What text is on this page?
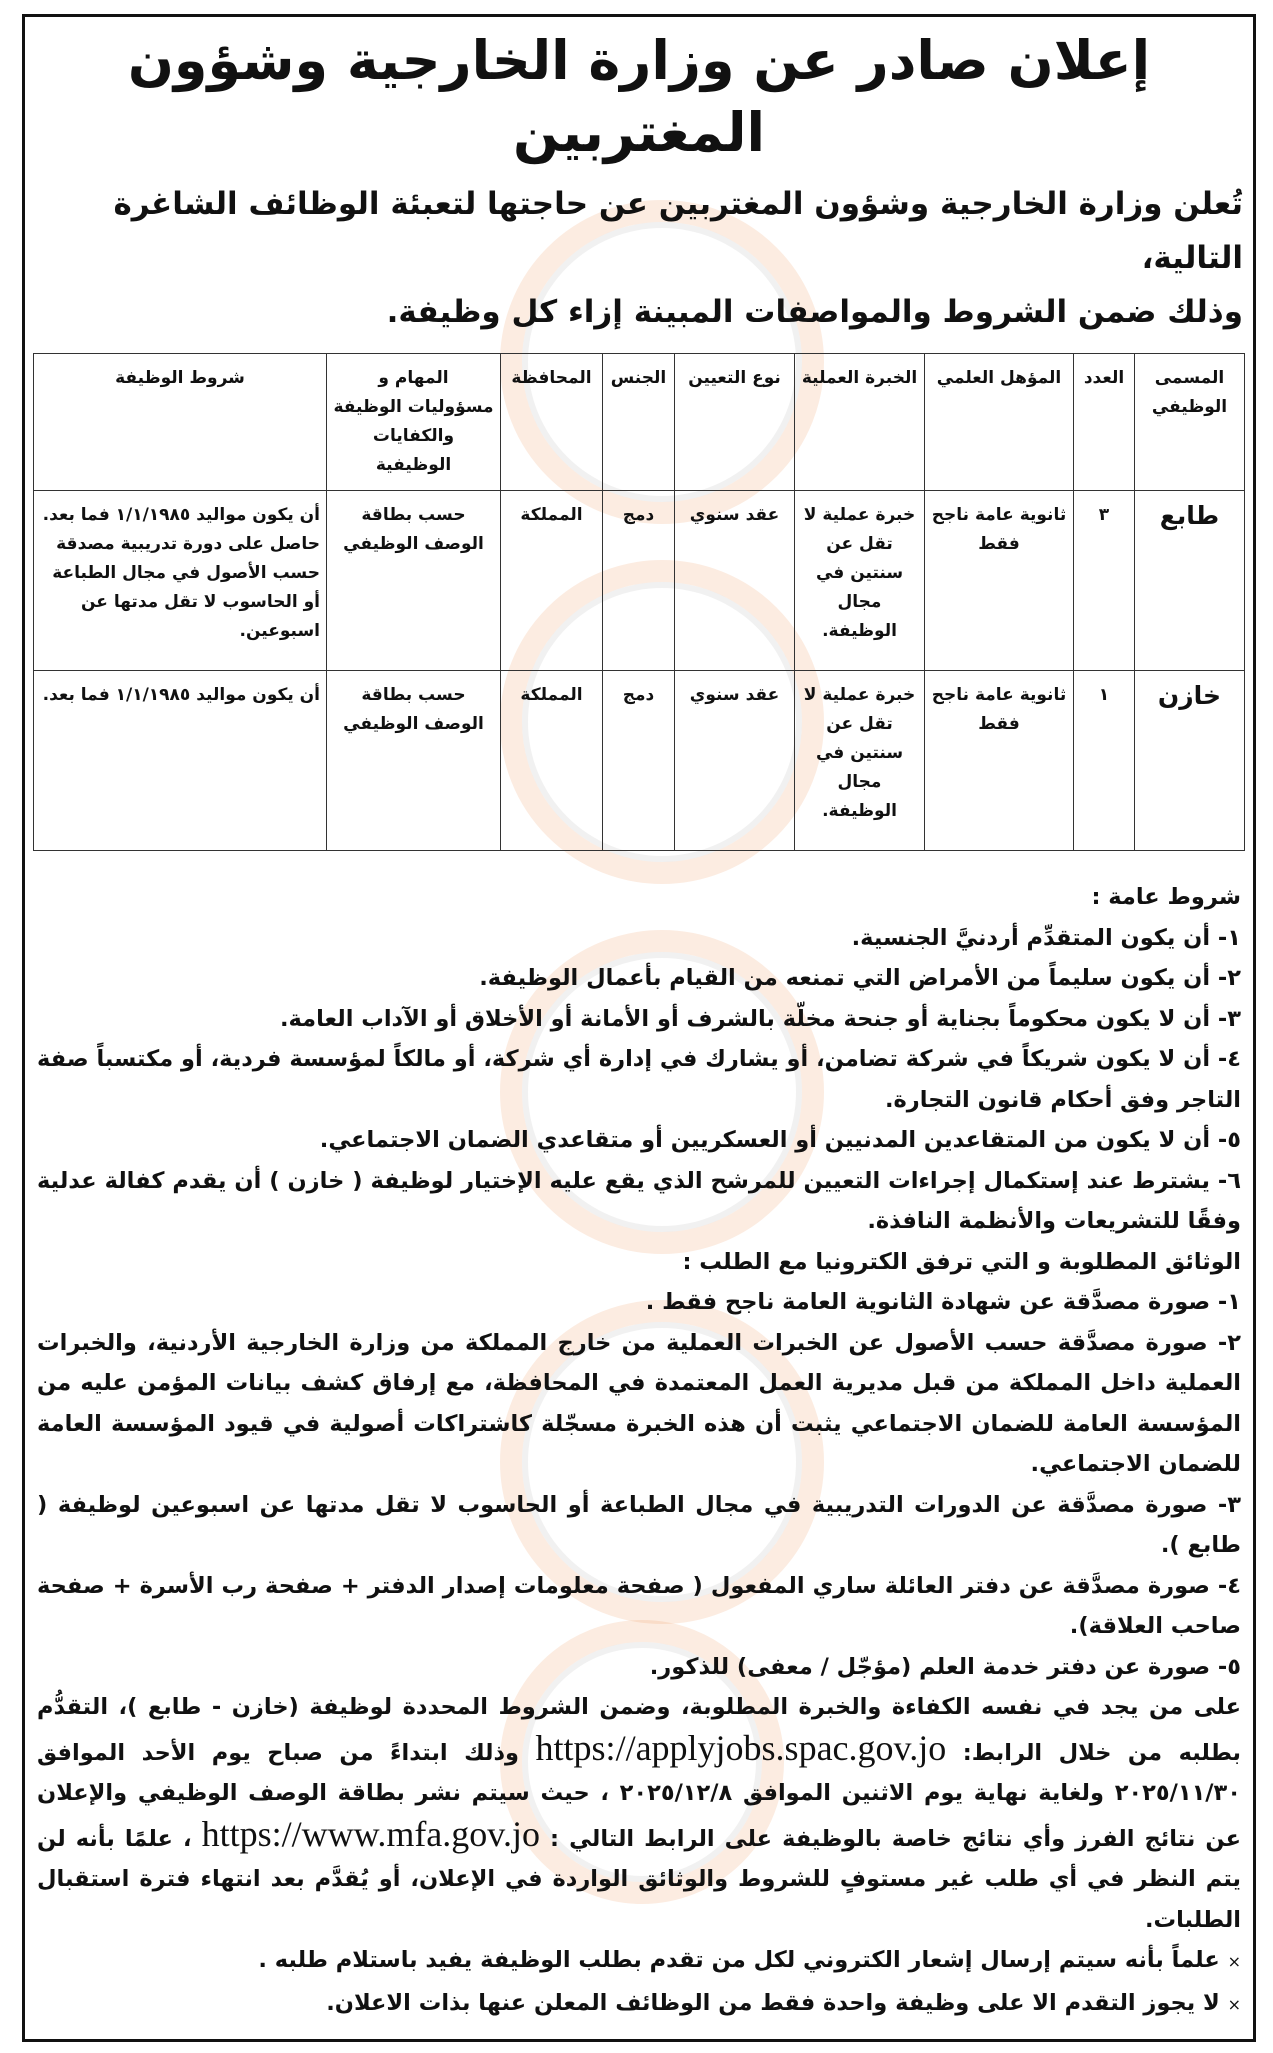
إعلان صادر عن وزارة الخارجية وشؤون المغتربين
تُعلن وزارة الخارجية وشؤون المغتربين عن حاجتها لتعبئة الوظائف الشاغرة التالية،
وذلك ضمن الشروط والمواصفات المبينة إزاء كل وظيفة.
المسمى الوظيفي	العدد	المؤهل العلمي	الخبرة العملية	نوع التعيين	الجنس	المحافظة	المهام و مسؤوليات الوظيفة والكفايات الوظيفية	شروط الوظيفة
طابع	٣	ثانوية عامة ناجح فقط	خبرة عملية لا تقل عن سنتين في مجال الوظيفة.	عقد سنوي	دمج	المملكة	حسب بطاقة الوصف الوظيفي	أن يكون مواليد ١/١/١٩٨٥ فما بعد. حاصل على دورة تدريبية مصدقة حسب الأصول في مجال الطباعة أو الحاسوب لا تقل مدتها عن اسبوعين.
خازن	١	ثانوية عامة ناجح فقط	خبرة عملية لا تقل عن سنتين في مجال الوظيفة.	عقد سنوي	دمج	المملكة	حسب بطاقة الوصف الوظيفي	أن يكون مواليد ١/١/١٩٨٥ فما بعد.

شروط عامة :

١- أن يكون المتقدِّم أردنيَّ الجنسية.

٢- أن يكون سليماً من الأمراض التي تمنعه من القيام بأعمال الوظيفة.

٣- أن لا يكون محكوماً بجناية أو جنحة مخلّة بالشرف أو الأمانة أو الأخلاق أو الآداب العامة.

٤- أن لا يكون شريكاً في شركة تضامن، أو يشارك في إدارة أي شركة، أو مالكاً لمؤسسة فردية، أو مكتسباً صفة التاجر وفق أحكام قانون التجارة.

٥- أن لا يكون من المتقاعدين المدنيين أو العسكريين أو متقاعدي الضمان الاجتماعي.

٦- يشترط عند إستكمال إجراءات التعيين للمرشح الذي يقع عليه الإختيار لوظيفة ( خازن ) أن يقدم كفالة عدلية وفقًا للتشريعات والأنظمة النافذة.

الوثائق المطلوبة و التي ترفق الكترونيا مع الطلب :

١- صورة مصدَّقة عن شهادة الثانوية العامة ناجح فقط .

٢- صورة مصدَّقة حسب الأصول عن الخبرات العملية من خارج المملكة من وزارة الخارجية الأردنية، والخبرات العملية داخل المملكة من قبل مديرية العمل المعتمدة في المحافظة، مع إرفاق كشف بيانات المؤمن عليه من المؤسسة العامة للضمان الاجتماعي يثبت أن هذه الخبرة مسجّلة كاشتراكات أصولية في قيود المؤسسة العامة للضمان الاجتماعي.

٣- صورة مصدَّقة عن الدورات التدريبية في مجال الطباعة أو الحاسوب لا تقل مدتها عن اسبوعين لوظيفة ( طابع ).

٤- صورة مصدَّقة عن دفتر العائلة ساري المفعول ( صفحة معلومات إصدار الدفتر + صفحة رب الأسرة + صفحة صاحب العلاقة).

٥- صورة عن دفتر خدمة العلم (مؤجّل / معفى) للذكور.

على من يجد في نفسه الكفاءة والخبرة المطلوبة، وضمن الشروط المحددة لوظيفة (خازن - طابع )، التقدُّم بطلبه من خلال الرابط: https://applyjobs.spac.gov.jo وذلك ابتداءً من صباح يوم الأحد الموافق ٢٠٢٥/١١/٣٠ ولغاية نهاية يوم الاثنين الموافق ٢٠٢٥/١٢/٨ ، حيث سيتم نشر بطاقة الوصف الوظيفي والإعلان عن نتائج الفرز وأي نتائج خاصة بالوظيفة على الرابط التالي : https://www.mfa.gov.jo ، علمًا بأنه لن يتم النظر في أي طلب غير مستوفٍ للشروط والوثائق الواردة في الإعلان، أو يُقدَّم بعد انتهاء فترة استقبال الطلبات.

× علماً بأنه سيتم إرسال إشعار الكتروني لكل من تقدم بطلب الوظيفة يفيد باستلام طلبه .

× لا يجوز التقدم الا على وظيفة واحدة فقط من الوظائف المعلن عنها بذات الاعلان.
